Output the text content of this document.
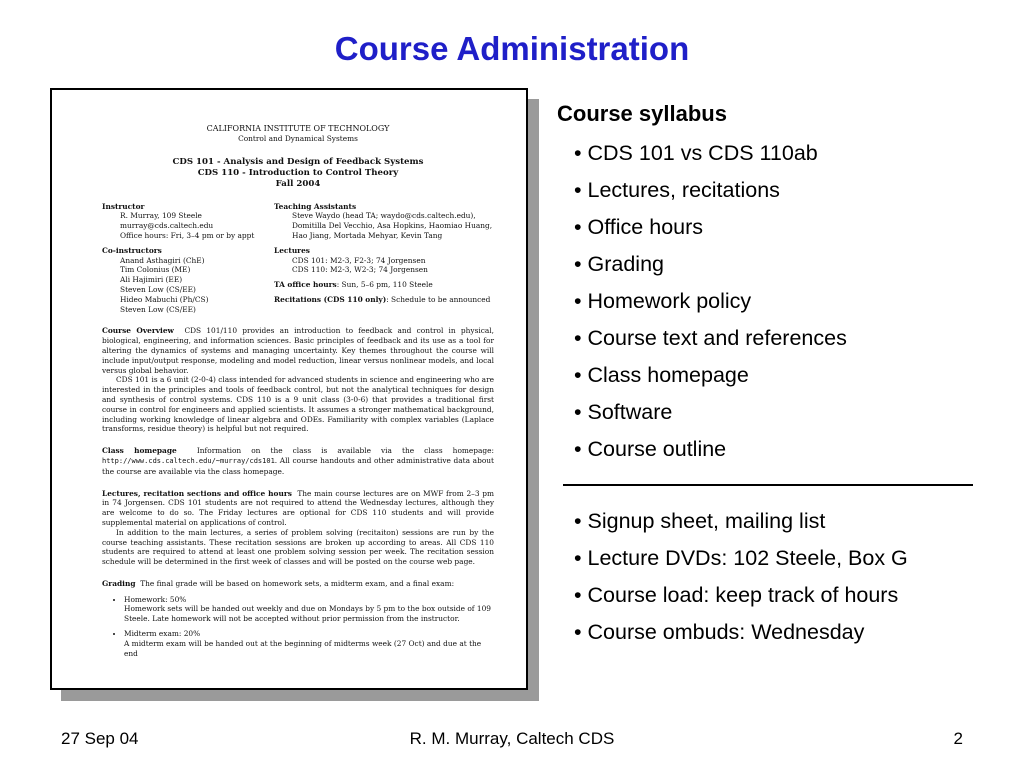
Course Administration
CALIFORNIA INSTITUTE OF TECHNOLOGY
Control and Dynamical Systems
CDS 101 - Analysis and Design of Feedback Systems
CDS 110 - Introduction to Control Theory
Fall 2004
Instructor
R. Murray, 109 Steele
murray@cds.caltech.edu
Office hours: Fri, 3–4 pm or by appt
Co-instructors
Anand Asthagiri (ChE)
Tim Colonius (ME)
Ali Hajimiri (EE)
Steven Low (CS/EE)
Hideo Mabuchi (Ph/CS)
Steven Low (CS/EE)
Teaching Assistants
Steve Waydo (head TA; waydo@cds.caltech.edu),
Domitilla Del Vecchio, Asa Hopkins, Haomiao Huang,
Hao Jiang, Mortada Mehyar, Kevin Tang
Lectures
CDS 101: M2-3, F2-3; 74 Jorgensen
CDS 110: M2-3, W2-3; 74 Jorgensen
TA office hours: Sun, 5–6 pm, 110 Steele
Recitations (CDS 110 only): Schedule to be announced
Course Overview CDS 101/110 provides an introduction to feedback and control in physical, biological, engineering, and information sciences. Basic principles of feedback and its use as a tool for altering the dynamics of systems and managing uncertainty. Key themes throughout the course will include input/output response, modeling and model reduction, linear versus nonlinear models, and local versus global behavior.
CDS 101 is a 6 unit (2-0-4) class intended for advanced students in science and engineering who are interested in the principles and tools of feedback control, but not the analytical techniques for design and synthesis of control systems. CDS 110 is a 9 unit class (3-0-6) that provides a traditional first course in control for engineers and applied scientists. It assumes a stronger mathematical background, including working knowledge of linear algebra and ODEs. Familiarity with complex variables (Laplace transforms, residue theory) is helpful but not required.
Class homepage	Information on the class is available via the class homepage: http://www.cds.caltech.edu/~murray/cds101. All course handouts and other administrative data about the course are available via the class homepage.
Lectures, recitation sections and office hours The main course lectures are on MWF from 2–3 pm in 74 Jorgensen. CDS 101 students are not required to attend the Wednesday lectures, although they are welcome to do so. The Friday lectures are optional for CDS 110 students and will provide supplemental material on applications of control.
In addition to the main lectures, a series of problem solving (recitaiton) sessions are run by the course teaching assistants. These recitation sessions are broken up according to areas. All CDS 110 students are required to attend at least one problem solving session per week. The recitation session schedule will be determined in the first week of classes and will be posted on the course web page.
Grading The final grade will be based on homework sets, a midterm exam, and a final exam:
• Homework: 50%
Homework sets will be handed out weekly and due on Mondays by 5 pm to the box outside of 109 Steele. Late homework will not be accepted without prior permission from the instructor.
• Midterm exam: 20%
A midterm exam will be handed out at the beginning of midterms week (27 Oct) and due at the end
Course syllabus
• CDS 101 vs CDS 110ab
• Lectures, recitations
• Office hours
• Grading
• Homework policy
• Course text and references
• Class homepage
• Software
• Course outline
• Signup sheet, mailing list
• Lecture DVDs: 102 Steele, Box G
• Course load: keep track of hours
• Course ombuds: Wednesday
27 Sep 04	R. M. Murray, Caltech CDS	2
